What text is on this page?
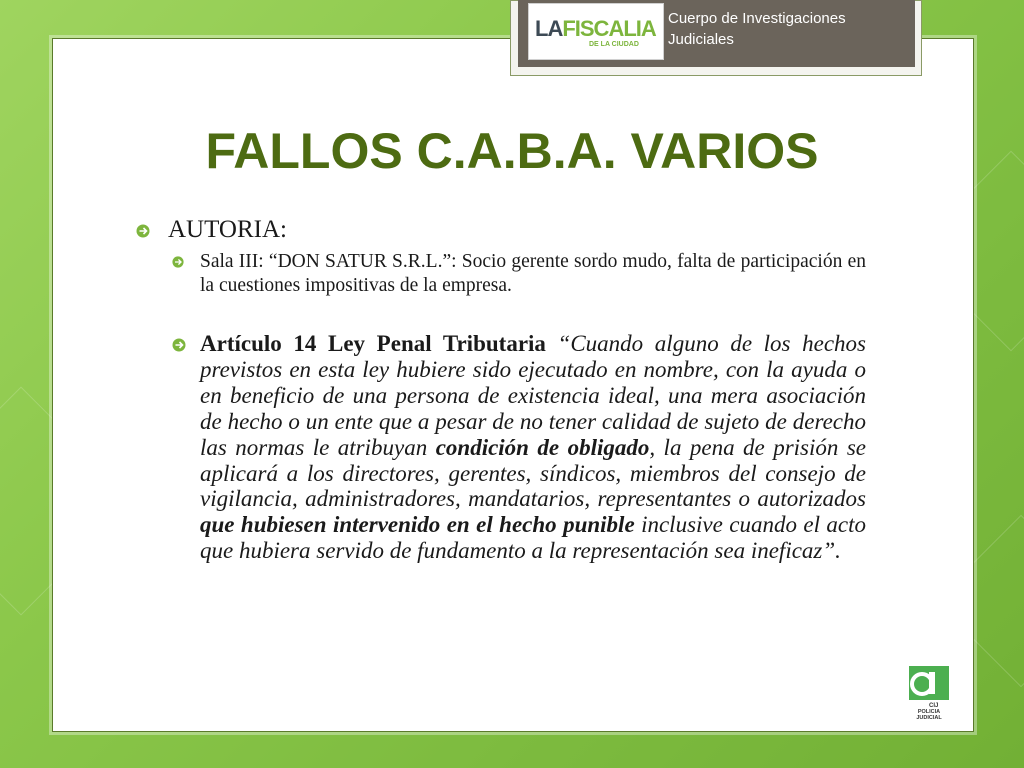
LAFISCALIA
DE LA CIUDAD
Cuerpo de Investigaciones Judiciales
FALLOS C.A.B.A. VARIOS
AUTORIA:
Sala III: “DON SATUR S.R.L.”: Socio gerente sordo mudo, falta de participación en la cuestiones impositivas de la empresa.
Artículo 14 Ley Penal Tributaria “Cuando alguno de los hechos previstos en esta ley hubiere sido ejecutado en nombre, con la ayuda o en beneficio de una persona de existencia ideal, una mera asociación de hecho o un ente que a pesar de no tener calidad de sujeto de derecho las normas le atribuyan condición de obligado, la pena de prisión se aplicará a los directores, gerentes, síndicos, miembros del consejo de vigilancia, administradores, mandatarios, representantes o autorizados que hubiesen intervenido en el hecho punible inclusive cuando el acto que hubiera servido de fundamento a la representación sea ineficaz”.
CIJ
POLICIA
JUDICIAL
